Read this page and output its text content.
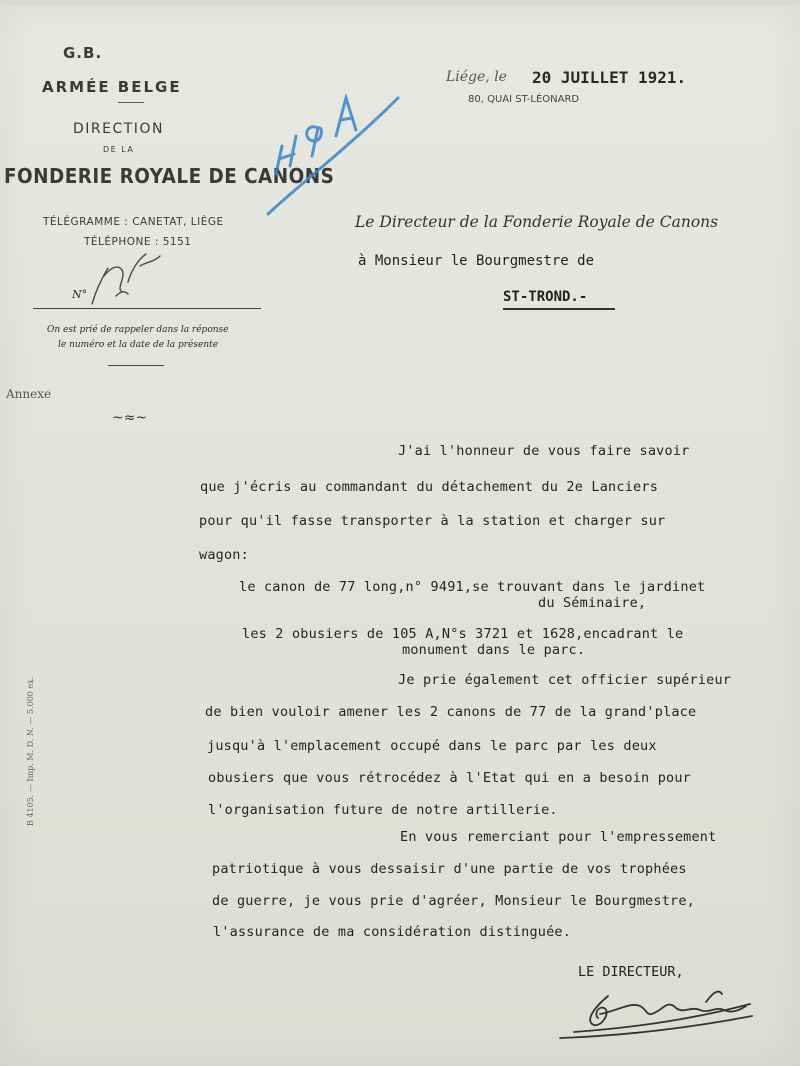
G.B.
ARMÉE BELGE
DIRECTION
DE LA
FONDERIE ROYALE DE CANONS
TÉLÉGRAMME : CANETAT, LIÈGE
TÉLÉPHONE : 5151
N°
On est prié de rappeler dans la réponse
le numéro et la date de la présente
Annexe
~≈~
Liége, le 20 JUILLET 1921.
80, QUAI ST-LÉONARD
Le Directeur de la Fonderie Royale de Canons
à Monsieur le Bourgmestre de
ST-TROND.-
J'ai l'honneur de vous faire savoir
que j'écris au commandant du détachement du 2e Lanciers
pour qu'il fasse transporter à la station et charger sur
wagon:
le canon de 77 long,n° 9491,se trouvant dans le jardinet
du Séminaire,
les 2 obusiers de 105 A,N°s 3721 et 1628,encadrant le
monument dans le parc.
Je prie également cet officier supérieur
de bien vouloir amener les 2 canons de 77 de la grand'place
jusqu'à l'emplacement occupé dans le parc par les deux
obusiers que vous rétrocédez à l'Etat qui en a besoin pour
l'organisation future de notre artillerie.
En vous remerciant pour l'empressement
patriotique à vous dessaisir d'une partie de vos trophées
de guerre, je vous prie d'agréer, Monsieur le Bourgmestre,
l'assurance de ma considération distinguée.
B 4105. — Imp. M. D. N. — 5.000 ex.
LE DIRECTEUR,
